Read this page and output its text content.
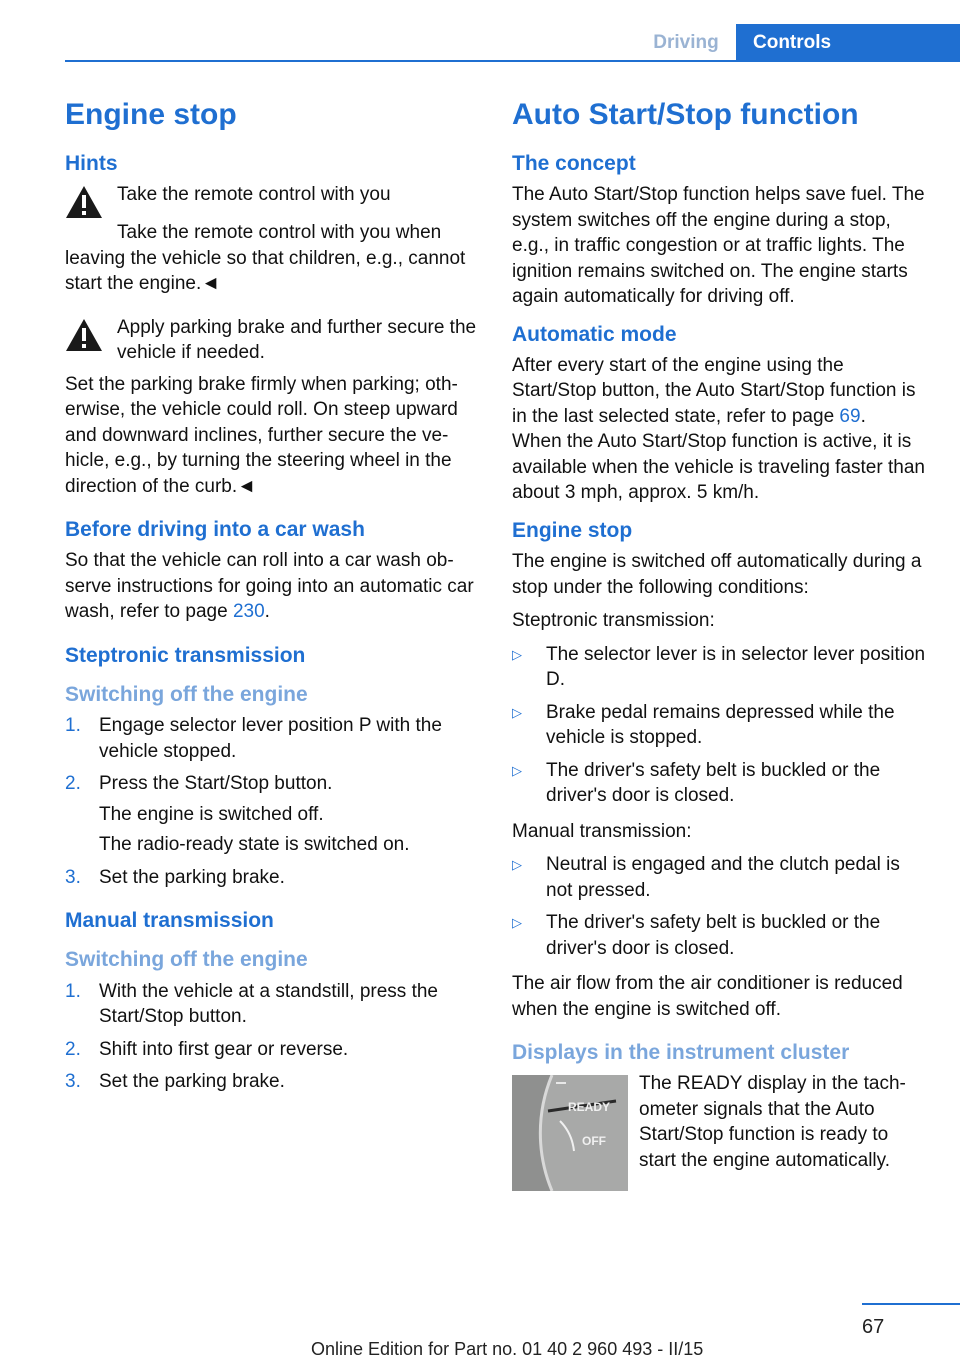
Driving	Controls
Engine stop
Hints

Take the remote control with you

Take the remote control with you when leaving the vehicle so that children, e.g., cannot start the engine.◄

Apply parking brake and further secure the vehicle if needed.

Set the parking brake firmly when parking; otherwise, the vehicle could roll. On steep upward and downward inclines, further secure the vehicle, e.g., by turning the steering wheel in the direction of the curb.◄

Before driving into a car wash

So that the vehicle can roll into a car wash observe instructions for going into an automatic car wash, refer to page 230.

Steptronic transmission
Switching off the engine
1. Engage selector lever position P with the vehicle stopped.
2. Press the Start/Stop button.

The engine is switched off.

The radio-ready state is switched on.

3. Set the parking brake.
Manual transmission
Switching off the engine
1. With the vehicle at a standstill, press the Start/Stop button.
2. Shift into first gear or reverse.
3. Set the parking brake.
Auto Start/Stop function
The concept

The Auto Start/Stop function helps save fuel. The system switches off the engine during a stop, e.g., in traffic congestion or at traffic lights. The ignition remains switched on. The engine starts again automatically for driving off.

Automatic mode

After every start of the engine using the Start/Stop button, the Auto Start/Stop function is in the last selected state, refer to page 69.

When the Auto Start/Stop function is active, it is available when the vehicle is traveling faster than about 3 mph, approx. 5 km/h.

Engine stop

The engine is switched off automatically during a stop under the following conditions:

Steptronic transmission:

▷ The selector lever is in selector lever position D.
▷ Brake pedal remains depressed while the vehicle is stopped.
▷ The driver's safety belt is buckled or the driver's door is closed.

Manual transmission:

▷ Neutral is engaged and the clutch pedal is not pressed.
▷ The driver's safety belt is buckled or the driver's door is closed.

The air flow from the air conditioner is reduced when the engine is switched off.

Displays in the instrument cluster
READY
OFF

The READY display in the tachometer signals that the Auto Start/Stop function is ready to start the engine automatically.

67
Online Edition for Part no. 01 40 2 960 493 - II/15
